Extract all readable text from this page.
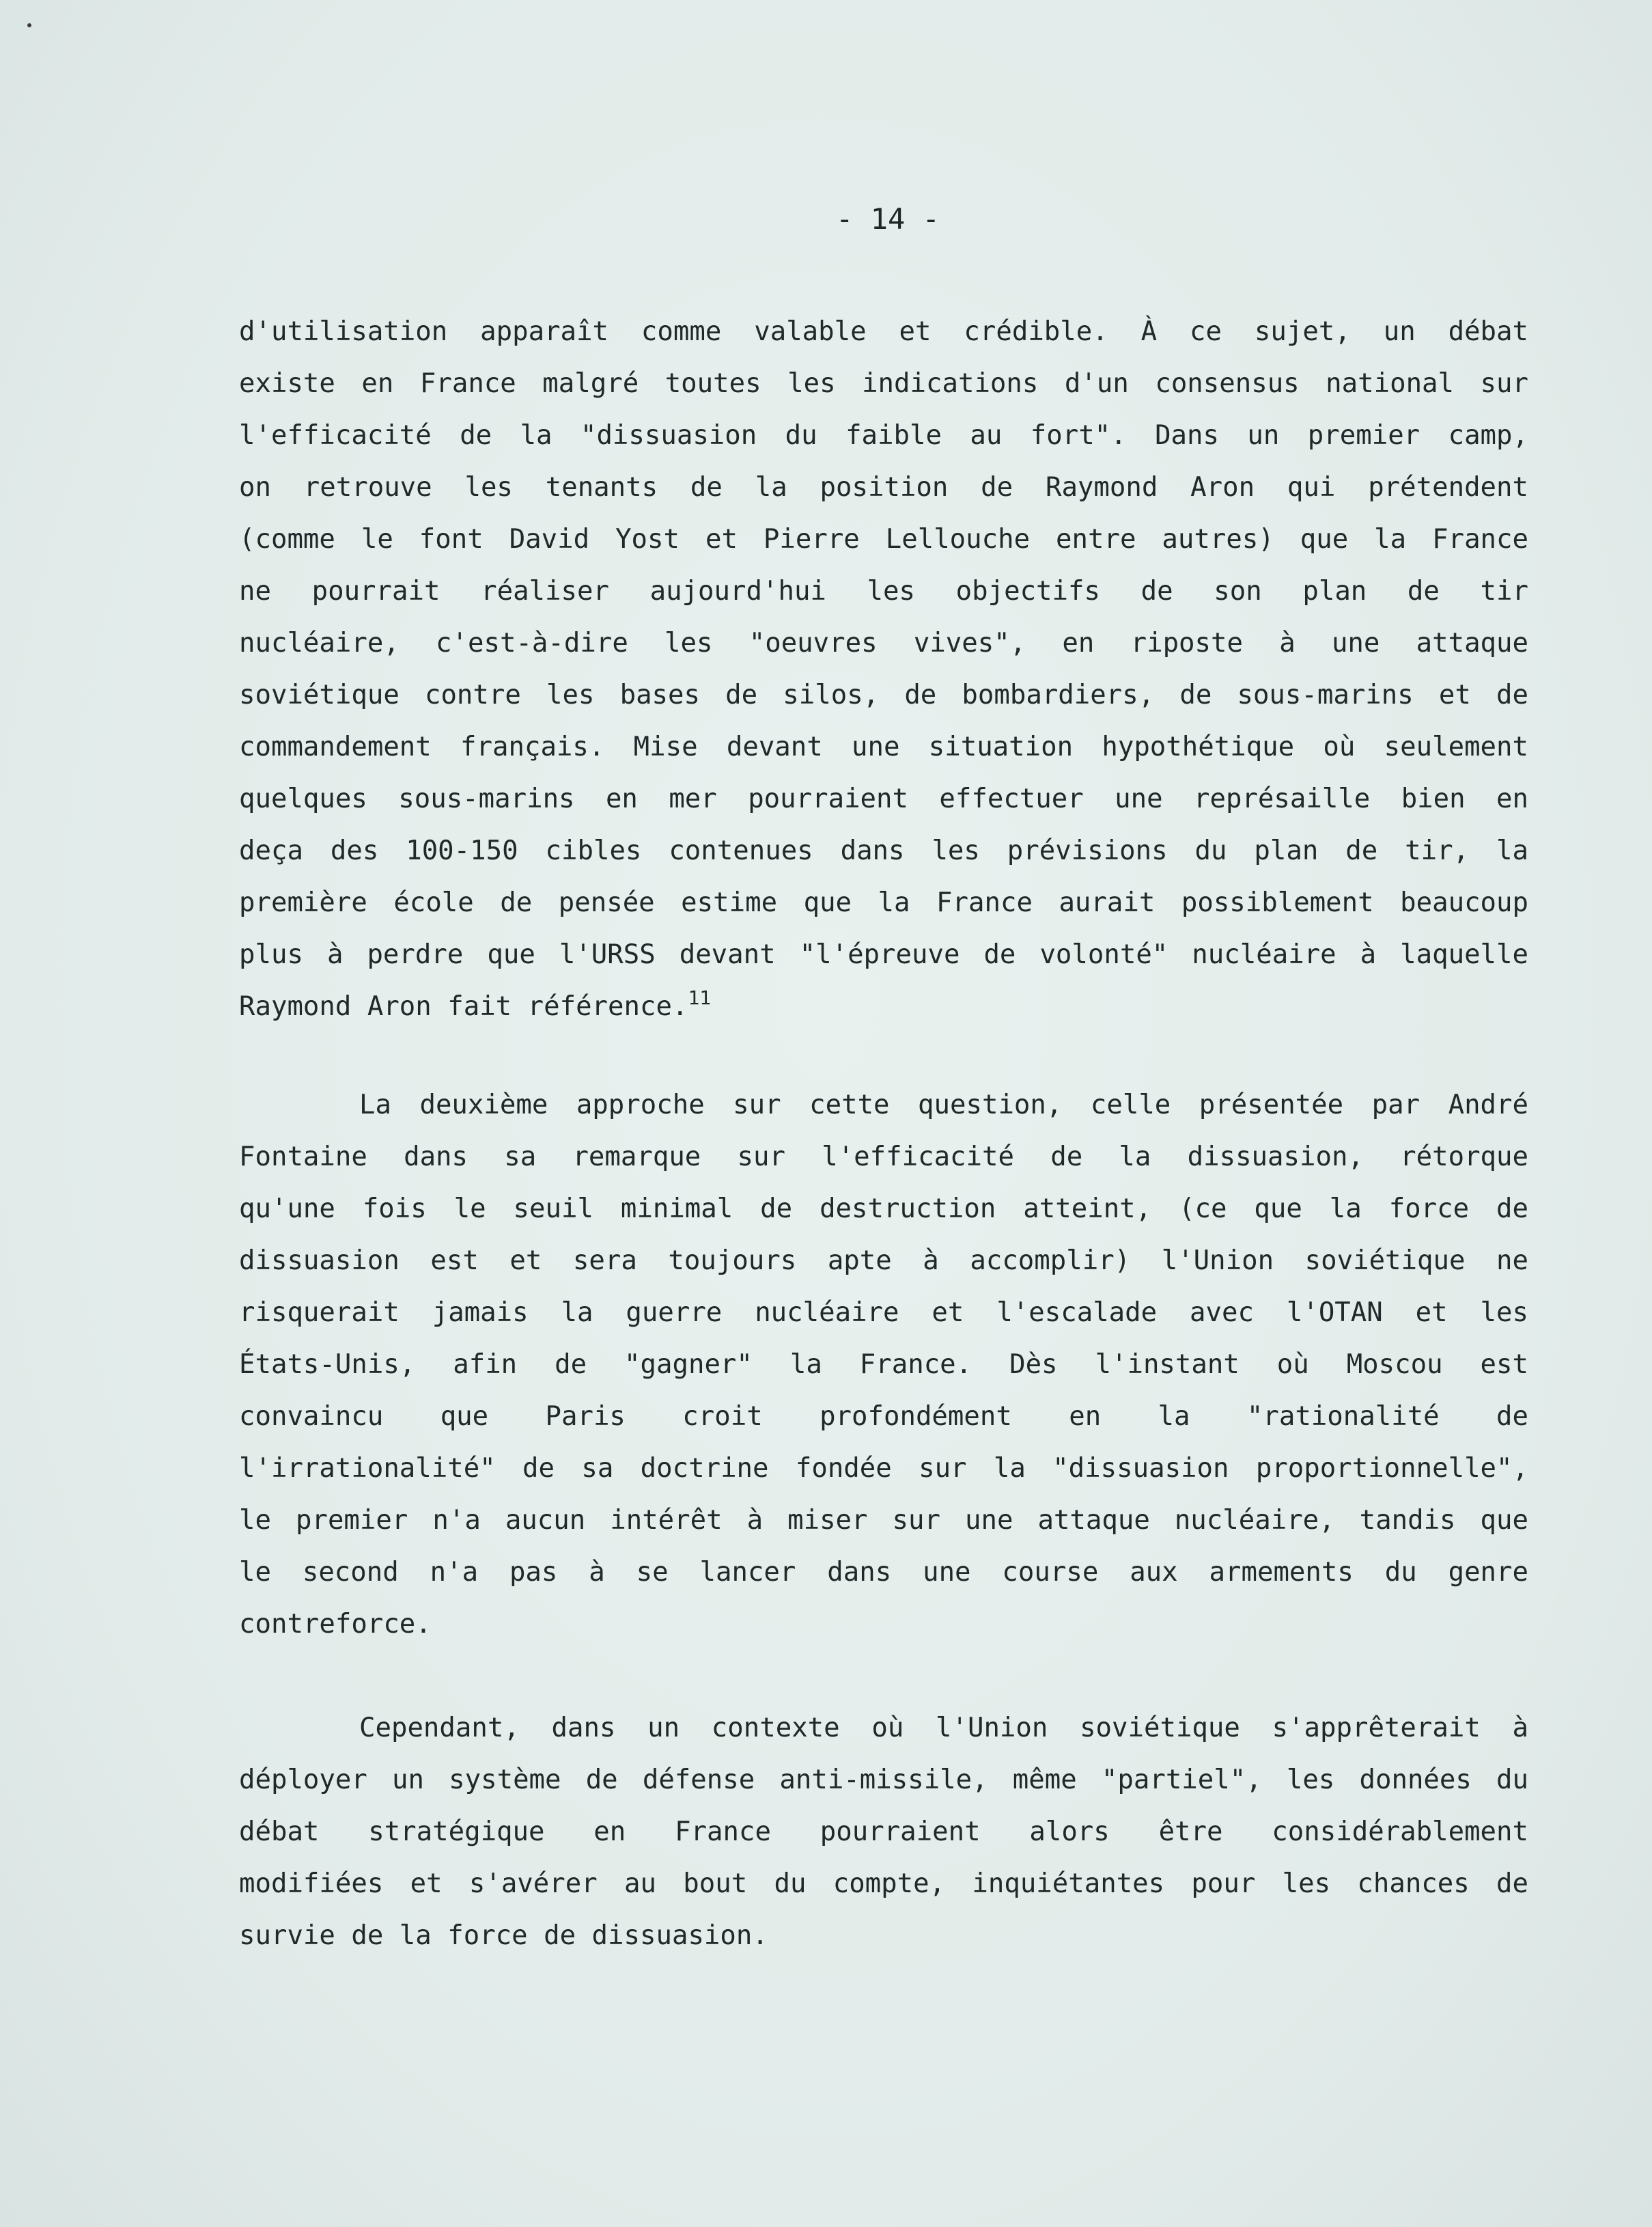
- 14 -
d'utilisation apparaît comme valable et crédible. À ce sujet, un débat
existe en France malgré toutes les indications d'un consensus national sur
l'efficacité de la "dissuasion du faible au fort". Dans un premier camp,
on retrouve les tenants de la position de Raymond Aron qui prétendent
(comme le font David Yost et Pierre Lellouche entre autres) que la France
ne pourrait réaliser aujourd'hui les objectifs de son plan de tir
nucléaire, c'est-à-dire les "oeuvres vives", en riposte à une attaque
soviétique contre les bases de silos, de bombardiers, de sous-marins et de
commandement français. Mise devant une situation hypothétique où seulement
quelques sous-marins en mer pourraient effectuer une représaille bien en
deça des 100-150 cibles contenues dans les prévisions du plan de tir, la
première école de pensée estime que la France aurait possiblement beaucoup
plus à perdre que l'URSS devant "l'épreuve de volonté" nucléaire à laquelle
Raymond Aron fait référence.$^{11}$
La deuxième approche sur cette question, celle présentée par André
Fontaine dans sa remarque sur l'efficacité de la dissuasion, rétorque
qu'une fois le seuil minimal de destruction atteint, (ce que la force de
dissuasion est et sera toujours apte à accomplir) l'Union soviétique ne
risquerait jamais la guerre nucléaire et l'escalade avec l'OTAN et les
États-Unis, afin de "gagner" la France. Dès l'instant où Moscou est
convaincu que Paris croit profondément en la "rationalité de
l'irrationalité" de sa doctrine fondée sur la "dissuasion proportionnelle",
le premier n'a aucun intérêt à miser sur une attaque nucléaire, tandis que
le second n'a pas à se lancer dans une course aux armements du genre
contreforce.
Cependant, dans un contexte où l'Union soviétique s'apprêterait à
déployer un système de défense anti-missile, même "partiel", les données du
débat stratégique en France pourraient alors être considérablement
modifiées et s'avérer au bout du compte, inquiétantes pour les chances de
survie de la force de dissuasion.
